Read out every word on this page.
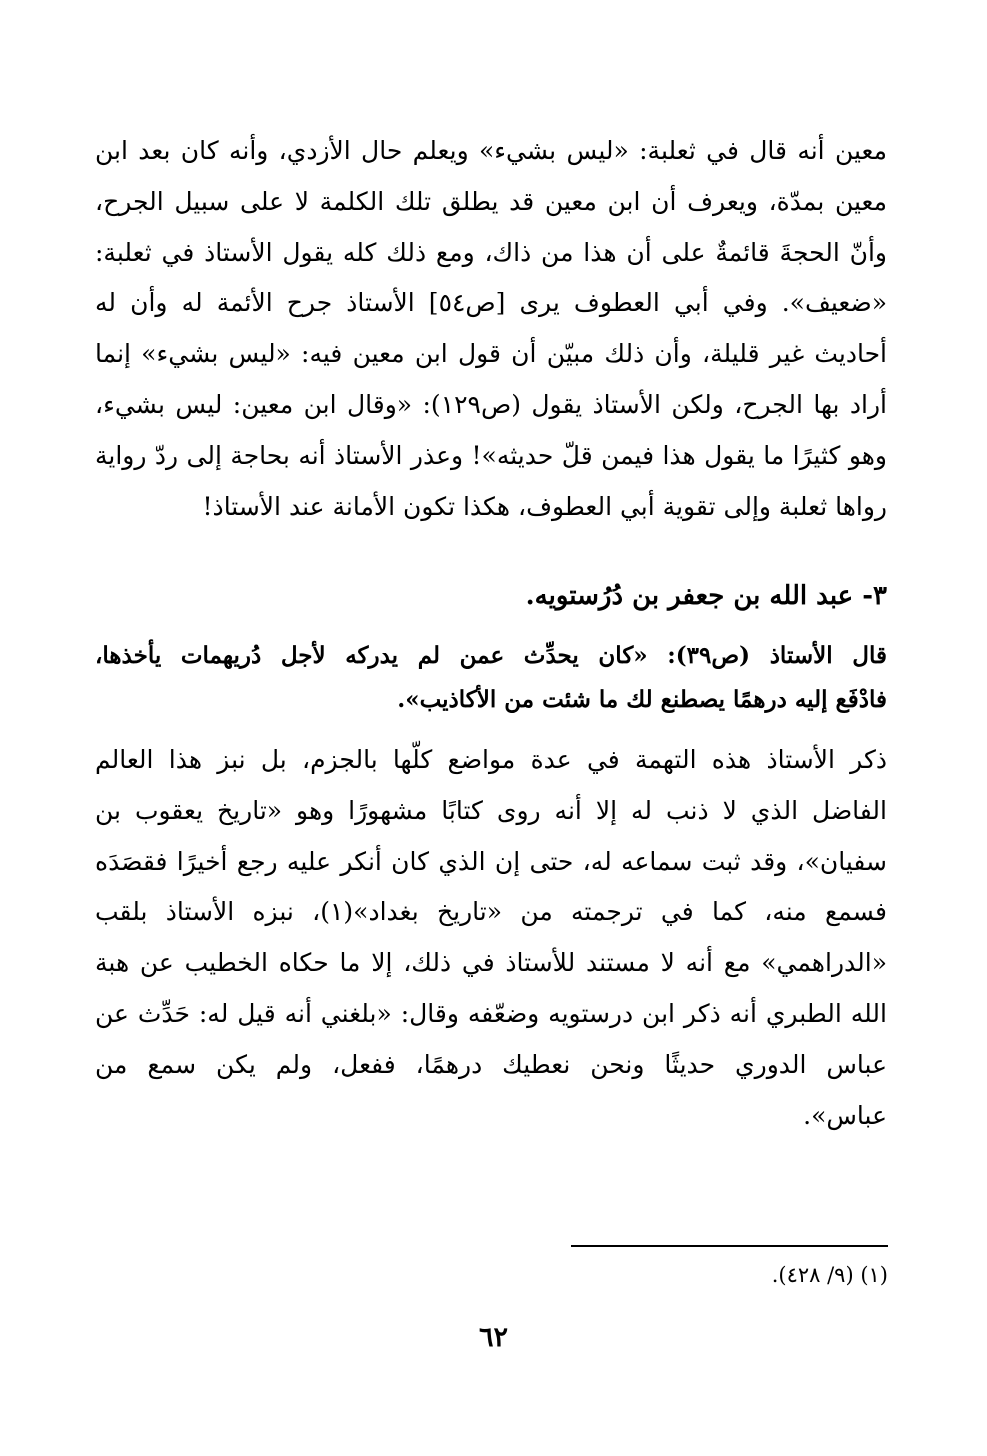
معين أنه قال في ثعلبة: «ليس بشيء» ويعلم حال الأزدي، وأنه كان بعد ابن
معين بمدّة، ويعرف أن ابن معين قد يطلق تلك الكلمة لا على سبيل الجرح،
وأنّ الحجةَ قائمةٌ على أن هذا من ذاك، ومع ذلك كله يقول الأستاذ في ثعلبة:
«ضعيف». وفي أبي العطوف يرى [ص٥٤] الأستاذ جرح الأئمة له وأن له
أحاديث غير قليلة، وأن ذلك مبيّن أن قول ابن معين فيه: «ليس بشيء» إنما
أراد بها الجرح، ولكن الأستاذ يقول (ص١٢٩): «وقال ابن معين: ليس بشيء،
وهو كثيرًا ما يقول هذا فيمن قلّ حديثه»! وعذر الأستاذ أنه بحاجة إلى ردّ رواية
رواها ثعلبة وإلى تقوية أبي العطوف، هكذا تكون الأمانة عند الأستاذ!
٣- عبد الله بن جعفر بن دُرُستويه.
قال الأستاذ (ص٣٩): «كان يحدِّث عمن لم يدركه لأجل دُريهمات يأخذها،
فادْفَع إليه درهمًا يصطنع لك ما شئت من الأكاذيب».
ذكر الأستاذ هذه التهمة في عدة مواضع كلّها بالجزم، بل نبز هذا العالم
الفاضل الذي لا ذنب له إلا أنه روى كتابًا مشهورًا وهو «تاريخ يعقوب بن
سفيان»، وقد ثبت سماعه له، حتى إن الذي كان أنكر عليه رجع أخيرًا فقصَدَه
فسمع منه، كما في ترجمته من «تاريخ بغداد»(١)، نبزه الأستاذ بلقب
«الدراهمي» مع أنه لا مستند للأستاذ في ذلك، إلا ما حكاه الخطيب عن هبة
الله الطبري أنه ذكر ابن درستويه وضعّفه وقال: «بلغني أنه قيل له: حَدِّث عن
عباس الدوري حديثًا ونحن نعطيك درهمًا، ففعل، ولم يكن سمع من
عباس».
(١) (٩/ ٤٢٨).
٦٢
